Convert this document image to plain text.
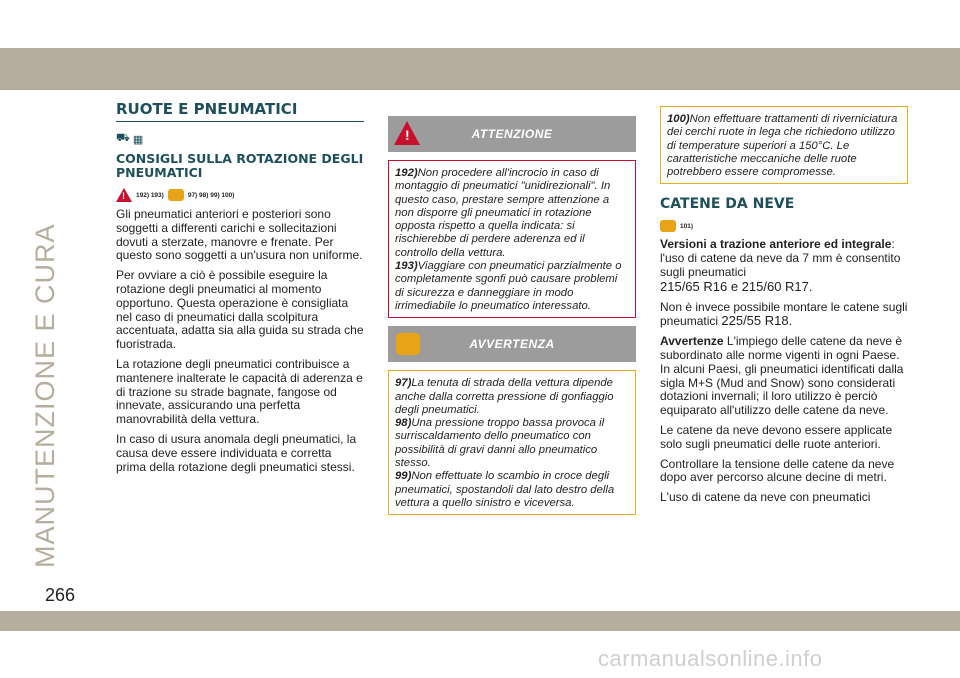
MANUTENZIONE E CURA
266
carmanualsonline.info
RUOTE E PNEUMATICI
⛟ ▦
CONSIGLI SULLA ROTAZIONE DEGLI PNEUMATICI
!
192) 193)	97) 98) 99) 100)

Gli pneumatici anteriori e posteriori sono soggetti a differenti carichi e sollecitazioni dovuti a sterzate, manovre e frenate. Per questo sono soggetti a un'usura non uniforme.

Per ovviare a ciò è possibile eseguire la rotazione degli pneumatici al momento opportuno. Questa operazione è consigliata nel caso di pneumatici dalla scolpitura accentuata, adatta sia alla guida su strada che fuoristrada.

La rotazione degli pneumatici contribuisce a mantenere inalterate le capacità di aderenza e di trazione su strade bagnate, fangose od innevate, assicurando una perfetta manovrabilità della vettura.

In caso di usura anomala degli pneumatici, la causa deve essere individuata e corretta prima della rotazione degli pneumatici stessi.

!
ATTENZIONE

192)Non procedere all'incrocio in caso di montaggio di pneumatici "unidirezionali". In questo caso, prestare sempre attenzione a non disporre gli pneumatici in rotazione opposta rispetto a quella indicata: si rischierebbe di perdere aderenza ed il controllo della vettura.

193)Viaggiare con pneumatici parzialmente o completamente sgonfi può causare problemi di sicurezza e danneggiare in modo irrimediabile lo pneumatico interessato.

AVVERTENZA

97)La tenuta di strada della vettura dipende anche dalla corretta pressione di gonfiaggio degli pneumatici.

98)Una pressione troppo bassa provoca il surriscaldamento dello pneumatico con possibilità di gravi danni allo pneumatico stesso.

99)Non effettuate lo scambio in croce degli pneumatici, spostandoli dal lato destro della vettura a quello sinistro e viceversa.

100)Non effettuare trattamenti di riverniciatura dei cerchi ruote in lega che richiedono utilizzo di temperature superiori a 150°C. Le caratteristiche meccaniche delle ruote potrebbero essere compromesse.

CATENE DA NEVE
101)

Versioni a trazione anteriore ed integrale: l'uso di catene da neve da 7 mm è consentito sugli pneumatici
215/65 R16 e 215/60 R17.

Non è invece possibile montare le catene sugli pneumatici 225/55 R18.

Avvertenze L'impiego delle catene da neve è subordinato alle norme vigenti in ogni Paese. In alcuni Paesi, gli pneumatici identificati dalla sigla M+S (Mud and Snow) sono considerati dotazioni invernali; il loro utilizzo è perciò equiparato all'utilizzo delle catene da neve.

Le catene da neve devono essere applicate solo sugli pneumatici delle ruote anteriori.

Controllare la tensione delle catene da neve dopo aver percorso alcune decine di metri.

L'uso di catene da neve con pneumatici
